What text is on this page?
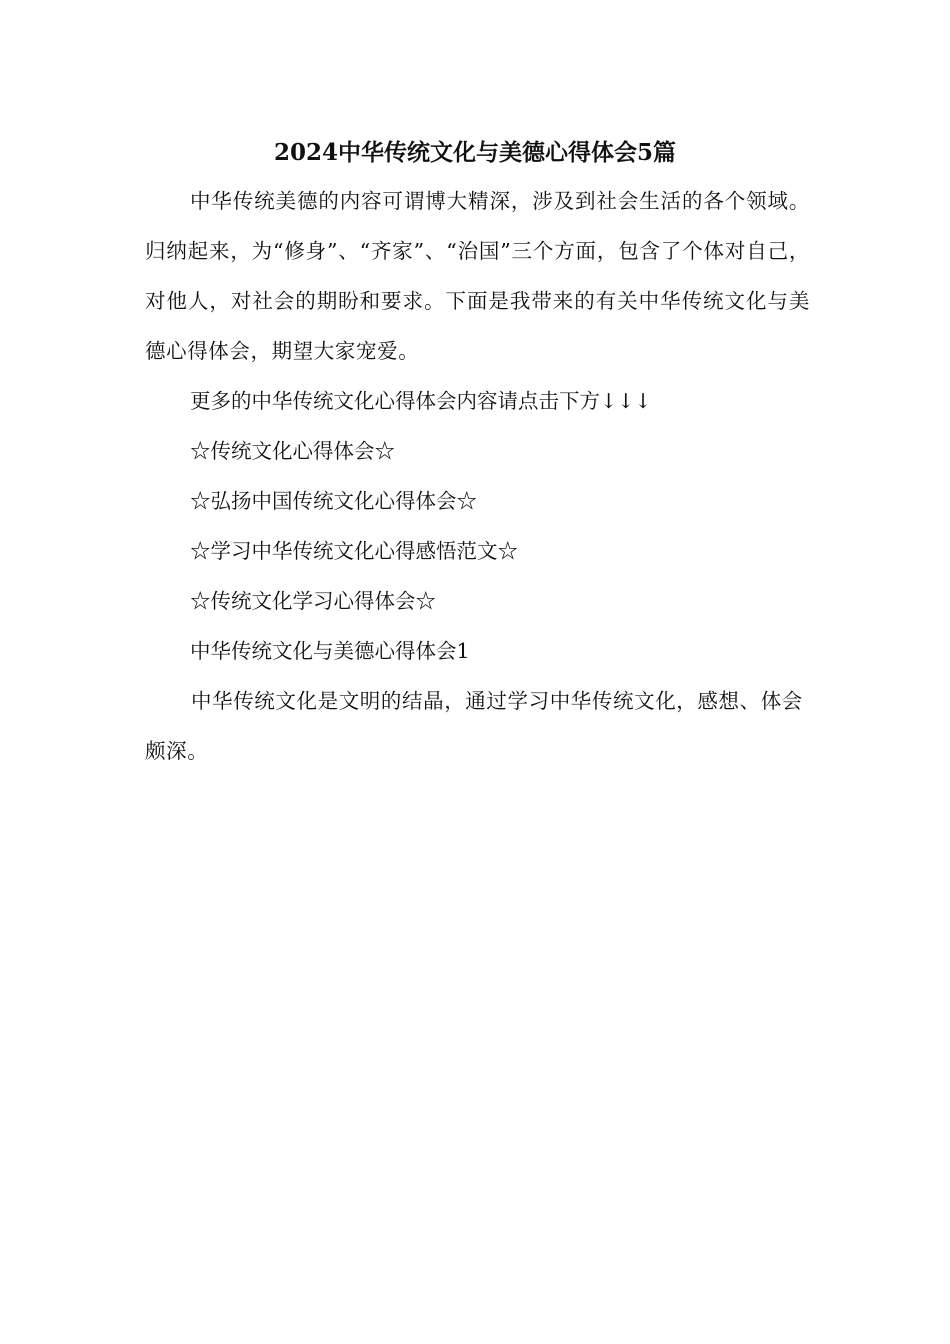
2024中华传统文化与美德心得体会5篇
中华传统美德的内容可谓博大精深，涉及到社会生活的各个领域。归纳起来，为“修身”、“齐家”、“治国”三个方面，包含了个体对自己，对他人，对社会的期盼和要求。下面是我带来的有关中华传统文化与美德心得体会，期望大家宠爱。
更多的中华传统文化心得体会内容请点击下方↓↓↓
☆传统文化心得体会☆
☆弘扬中国传统文化心得体会☆
☆学习中华传统文化心得感悟范文☆
☆传统文化学习心得体会☆
中华传统文化与美德心得体会1
中华传统文化是文明的结晶，通过学习中华传统文化，感想、体会颇深。
